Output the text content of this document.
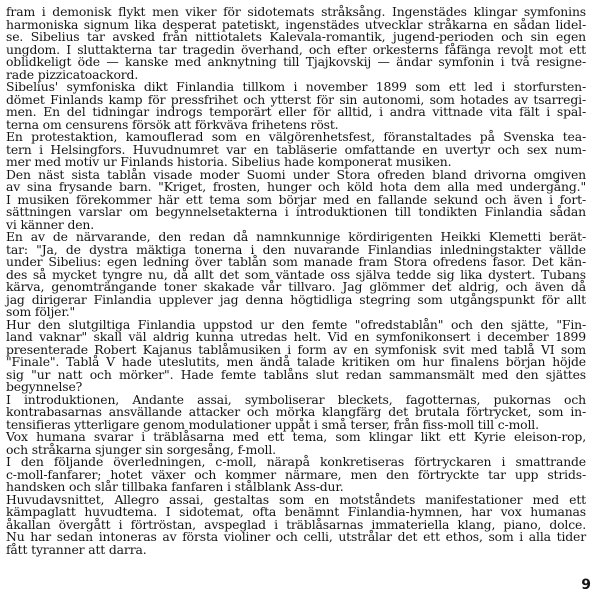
fram i demonisk flykt men viker för sidotemats stråksång. Ingenstädes klingar symfonins
harmoniska signum lika desperat patetiskt, ingenstädes utvecklar stråkarna en sådan lidel-
se. Sibelius tar avsked från nittiotalets Kalevala-romantik, jugend-perioden och sin egen
ungdom. I sluttakterna tar tragedin överhand, och efter orkesterns fåfänga revolt mot ett
oblidkeligt öde — kanske med anknytning till Tjajkovskij — ändar symfonin i två resigne-
rade pizzicatoackord.
Sibelius' symfoniska dikt Finlandia tillkom i november 1899 som ett led i storfursten-
dömet Finlands kamp för pressfrihet och ytterst för sin autonomi, som hotades av tsarregi-
men. En del tidningar indrogs temporärt eller för alltid, i andra vittnade vita fält i spal-
terna om censurens försök att förkväva frihetens röst.
En protestaktion, kamouflerad som en välgörenhetsfest, föranstaltades på Svenska tea-
tern i Helsingfors. Huvudnumret var en tabläserie omfattande en uvertyr och sex num-
mer med motiv ur Finlands historia. Sibelius hade komponerat musiken.
Den näst sista tablån visade moder Suomi under Stora ofreden bland drivorna omgiven
av sina frysande barn. "Kriget, frosten, hunger och köld hota dem alla med undergång."
I musiken förekommer här ett tema som börjar med en fallande sekund och även i fort-
sättningen varslar om begynnelsetakterna i introduktionen till tondikten Finlandia sådan
vi känner den.
En av de närvarande, den redan då namnkunnige kördirigenten Heikki Klemetti berät-
tar: "Ja, de dystra mäktiga tonerna i den nuvarande Finlandias inledningstakter vällde
under Sibelius: egen ledning över tablån som manade fram Stora ofredens fasor. Det kän-
des så mycket tyngre nu, då allt det som väntade oss själva tedde sig lika dystert. Tubans
kärva, genomträngande toner skakade vår tillvaro. Jag glömmer det aldrig, och även då
jag dirigerar Finlandia upplever jag denna högtidliga stegring som utgångspunkt för allt
som följer."
Hur den slutgiltiga Finlandia uppstod ur den femte "ofredstablån" och den sjätte, "Fin-
land vaknar" skall väl aldrig kunna utredas helt. Vid en symfonikonsert i december 1899
presenterade Robert Kajanus tablåmusiken i form av en symfonisk svit med tablå VI som
"Finale". Tablå V hade uteslutits, men ändå talade kritiken om hur finalens början höjde
sig "ur natt och mörker". Hade femte tablåns slut redan sammansmält med den sjättes
begynnelse?
I introduktionen, Andante assai, symboliserar bleckets, fagotternas, pukornas och
kontrabasarnas ansvällande attacker och mörka klangfärg det brutala förtrycket, som in-
tensifieras ytterligare genom modulationer uppåt i små terser, från fiss-moll till c-moll.
Vox humana svarar i träblåsarna med ett tema, som klingar likt ett Kyrie eleison-rop,
och stråkarna sjunger sin sorgesång, f-moll.
I den följande överledningen, c-moll, närapå konkretiseras förtryckaren i smattrande
c-moll-fanfarer; hotet växer och kommer närmare, men den förtryckte tar upp strids-
handsken och slår tillbaka fanfaren i stålblank Ass-dur.
Huvudavsnittet, Allegro assai, gestaltas som en motståndets manifestationer med ett
kämpaglatt huvudtema. I sidotemat, ofta benämnt Finlandia-hymnen, har vox humanas
åkallan övergått i förtröstan, avspeglad i träblåsarnas immateriella klang, piano, dolce.
Nu har sedan intoneras av första violiner och celli, utstrålar det ett ethos, som i alla tider
fått tyranner att darra.
9
